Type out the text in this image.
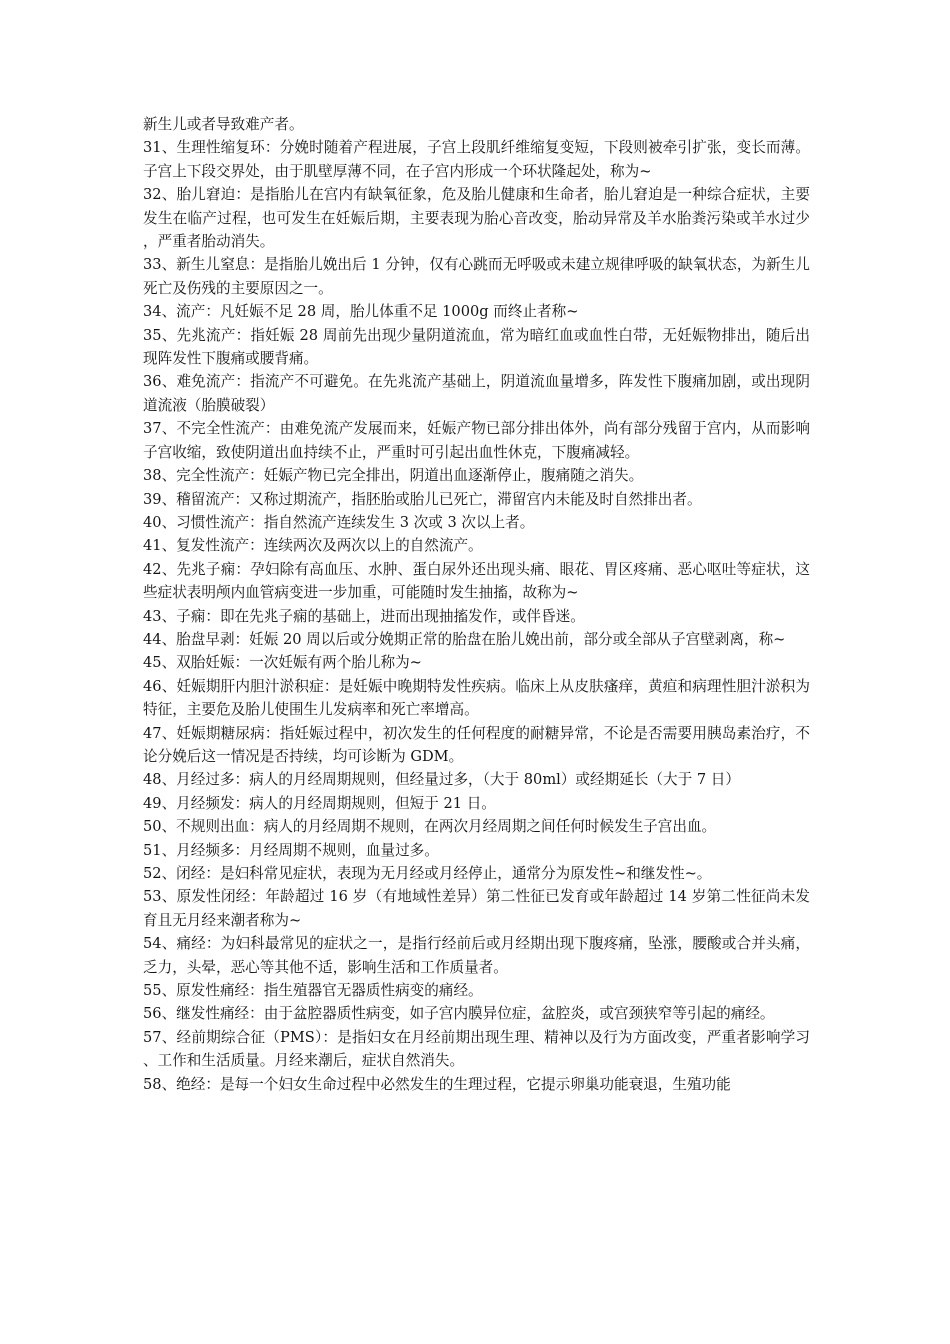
新生儿或者导致难产者。

31、生理性缩复环：分娩时随着产程进展，子宫上段肌纤维缩复变短，下段则被牵引扩张，变长而薄。子宫上下段交界处，由于肌壁厚薄不同，在子宫内形成一个环状隆起处，称为~

32、胎儿窘迫：是指胎儿在宫内有缺氧征象，危及胎儿健康和生命者，胎儿窘迫是一种综合症状，主要发生在临产过程，也可发生在妊娠后期，主要表现为胎心音改变，胎动异常及羊水胎粪污染或羊水过少，严重者胎动消失。

33、新生儿窒息：是指胎儿娩出后 1 分钟，仅有心跳而无呼吸或未建立规律呼吸的缺氧状态，为新生儿死亡及伤残的主要原因之一。

34、流产：凡妊娠不足 28 周，胎儿体重不足 1000g 而终止者称~

35、先兆流产：指妊娠 28 周前先出现少量阴道流血，常为暗红血或血性白带，无妊娠物排出，随后出现阵发性下腹痛或腰背痛。

36、难免流产：指流产不可避免。在先兆流产基础上，阴道流血量增多，阵发性下腹痛加剧，或出现阴道流液（胎膜破裂）

37、不完全性流产：由难免流产发展而来，妊娠产物已部分排出体外，尚有部分残留于宫内，从而影响子宫收缩，致使阴道出血持续不止，严重时可引起出血性休克，下腹痛减轻。

38、完全性流产：妊娠产物已完全排出，阴道出血逐渐停止，腹痛随之消失。

39、稽留流产：又称过期流产，指胚胎或胎儿已死亡，滞留宫内未能及时自然排出者。

40、习惯性流产：指自然流产连续发生 3 次或 3 次以上者。

41、复发性流产：连续两次及两次以上的自然流产。

42、先兆子痫：孕妇除有高血压、水肿、蛋白尿外还出现头痛、眼花、胃区疼痛、恶心呕吐等症状，这些症状表明颅内血管病变进一步加重，可能随时发生抽搐，故称为~

43、子痫：即在先兆子痫的基础上，进而出现抽搐发作，或伴昏迷。

44、胎盘早剥：妊娠 20 周以后或分娩期正常的胎盘在胎儿娩出前，部分或全部从子宫壁剥离，称~

45、双胎妊娠：一次妊娠有两个胎儿称为~

46、妊娠期肝内胆汁淤积症：是妊娠中晚期特发性疾病。临床上从皮肤瘙痒，黄疸和病理性胆汁淤积为特征，主要危及胎儿使围生儿发病率和死亡率增高。

47、妊娠期糖尿病：指妊娠过程中，初次发生的任何程度的耐糖异常，不论是否需要用胰岛素治疗，不论分娩后这一情况是否持续，均可诊断为 GDM。

48、月经过多：病人的月经周期规则，但经量过多，（大于 80ml）或经期延长（大于 7 日）

49、月经频发：病人的月经周期规则，但短于 21 日。

50、不规则出血：病人的月经周期不规则，在两次月经周期之间任何时候发生子宫出血。

51、月经频多：月经周期不规则，血量过多。

52、闭经：是妇科常见症状，表现为无月经或月经停止，通常分为原发性~和继发性~。

53、原发性闭经：年龄超过 16 岁（有地域性差异）第二性征已发育或年龄超过 14 岁第二性征尚未发育且无月经来潮者称为~

54、痛经：为妇科最常见的症状之一，是指行经前后或月经期出现下腹疼痛，坠涨，腰酸或合并头痛，乏力，头晕，恶心等其他不适，影响生活和工作质量者。

55、原发性痛经：指生殖器官无器质性病变的痛经。

56、继发性痛经：由于盆腔器质性病变，如子宫内膜异位症，盆腔炎，或宫颈狭窄等引起的痛经。

57、经前期综合征（PMS）：是指妇女在月经前期出现生理、精神以及行为方面改变，严重者影响学习、工作和生活质量。月经来潮后，症状自然消失。

58、绝经：是每一个妇女生命过程中必然发生的生理过程，它提示卵巢功能衰退，生殖功能
